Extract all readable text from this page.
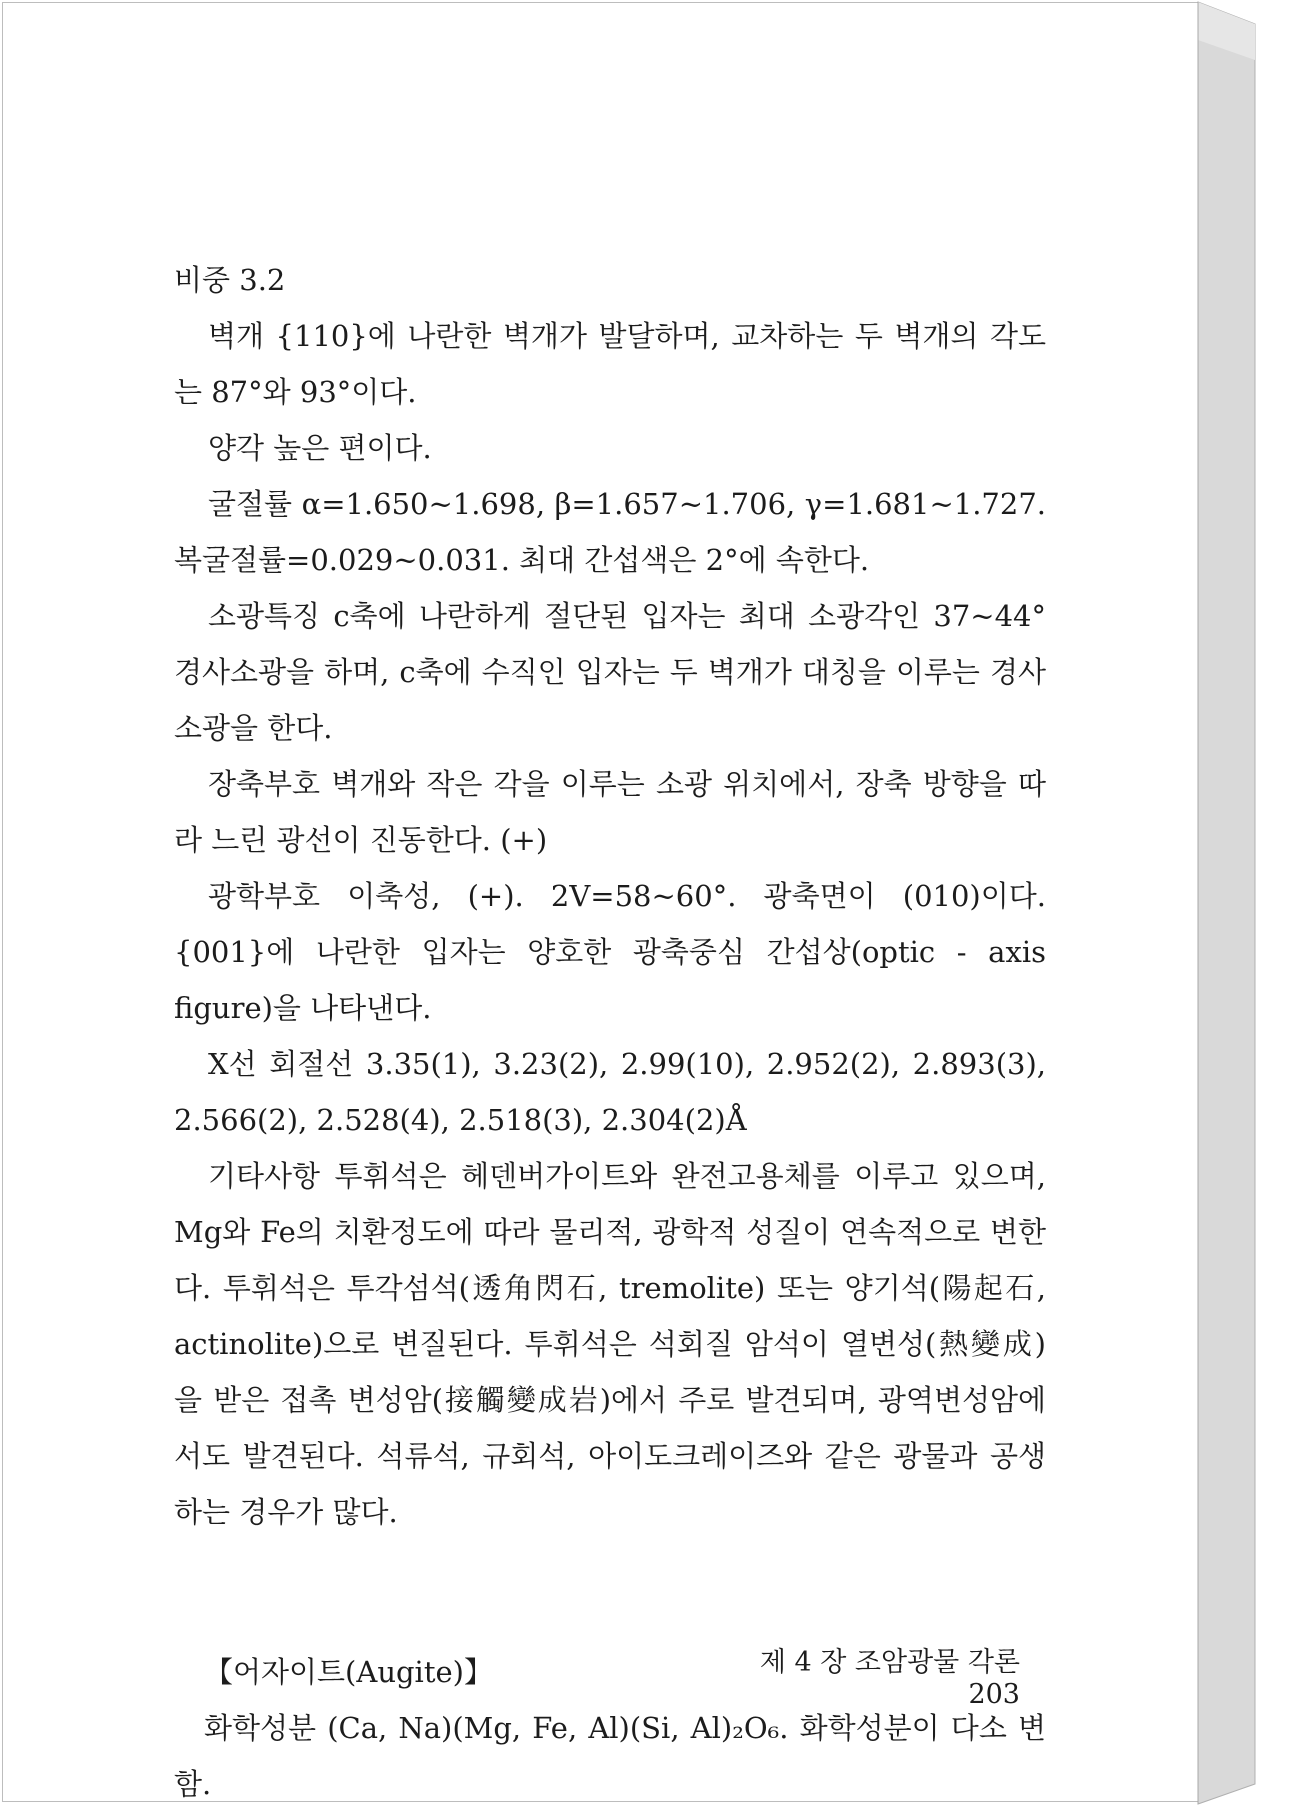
비중 3.2

벽개 {110}에 나란한 벽개가 발달하며, 교차하는 두 벽개의 각도는 87°와 93°이다.

양각 높은 편이다.

굴절률 α=1.650~1.698, β=1.657~1.706, γ=1.681~1.727. 복굴절률=0.029~0.031. 최대 간섭색은 2°에 속한다.

소광특징 c축에 나란하게 절단된 입자는 최대 소광각인 37~44° 경사소광을 하며, c축에 수직인 입자는 두 벽개가 대칭을 이루는 경사소광을 한다.

장축부호 벽개와 작은 각을 이루는 소광 위치에서, 장축 방향을 따라 느린 광선이 진동한다. (+)

광학부호 이축성, (+). 2V=58~60°. 광축면이 (010)이다. {001}에 나란한 입자는 양호한 광축중심 간섭상(optic - axis figure)을 나타낸다.

X선 회절선 3.35(1), 3.23(2), 2.99(10), 2.952(2), 2.893(3), 2.566(2), 2.528(4), 2.518(3), 2.304(2)Å

기타사항 투휘석은 헤덴버가이트와 완전고용체를 이루고 있으며, Mg와 Fe의 치환정도에 따라 물리적, 광학적 성질이 연속적으로 변한다. 투휘석은 투각섬석(透角閃石, tremolite) 또는 양기석(陽起石, actinolite)으로 변질된다. 투휘석은 석회질 암석이 열변성(熱變成)을 받은 접촉 변성암(接觸變成岩)에서 주로 발견되며, 광역변성암에서도 발견된다. 석류석, 규회석, 아이도크레이즈와 같은 광물과 공생하는 경우가 많다.

【어자이트(Augite)】

화학성분 (Ca, Na)(Mg, Fe, Al)(Si, Al)₂O₆. 화학성분이 다소 변함.

제 4 장 조암광물 각론 203
